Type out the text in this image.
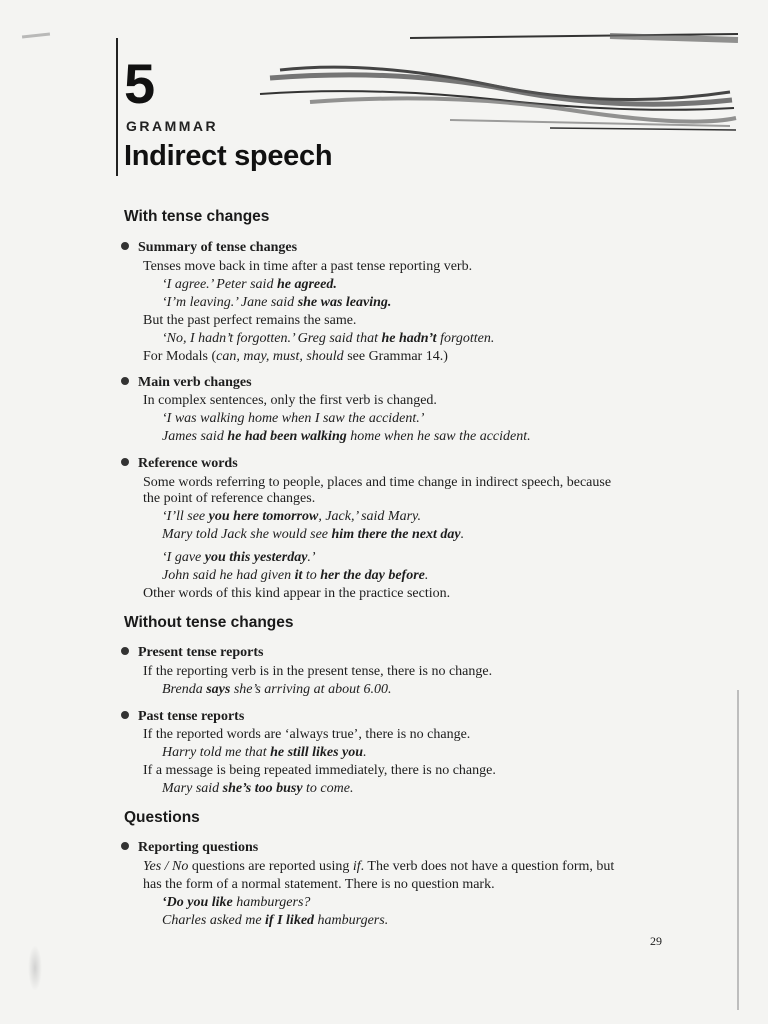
5
GRAMMAR
Indirect speech
With tense changes
Summary of tense changes
Tenses move back in time after a past tense reporting verb.
‘I agree.’ Peter said he agreed.
‘I’m leaving.’ Jane said she was leaving.
But the past perfect remains the same.
‘No, I hadn’t forgotten.’ Greg said that he hadn’t forgotten.
For Modals (can, may, must, should see Grammar 14.)
Main verb changes
In complex sentences, only the first verb is changed.
‘I was walking home when I saw the accident.’
James said he had been walking home when he saw the accident.
Reference words
Some words referring to people, places and time change in indirect speech, because
the point of reference changes.
‘I’ll see you here tomorrow, Jack,’ said Mary.
Mary told Jack she would see him there the next day.
‘I gave you this yesterday.’
John said he had given it to her the day before.
Other words of this kind appear in the practice section.
Without tense changes
Present tense reports
If the reporting verb is in the present tense, there is no change.
Brenda says she’s arriving at about 6.00.
Past tense reports
If the reported words are ‘always true’, there is no change.
Harry told me that he still likes you.
If a message is being repeated immediately, there is no change.
Mary said she’s too busy to come.
Questions
Reporting questions
Yes / No questions are reported using if. The verb does not have a question form, but
has the form of a normal statement. There is no question mark.
‘Do you like hamburgers?
Charles asked me if I liked hamburgers.
29
